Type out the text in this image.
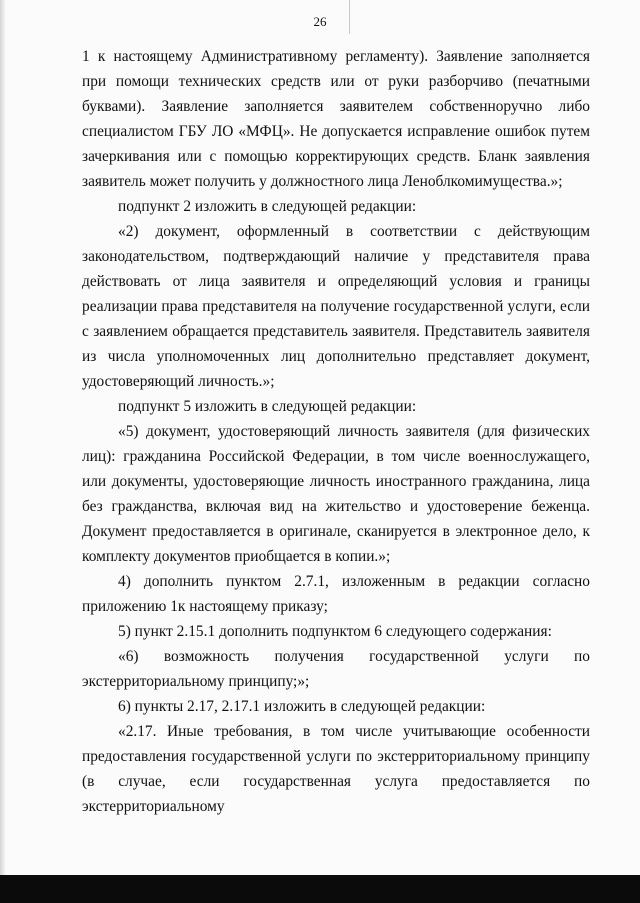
26

1 к настоящему Административному регламенту). Заявление заполняется при помощи технических средств или от руки разборчиво (печатными буквами). Заявление заполняется заявителем собственноручно либо специалистом ГБУ ЛО «МФЦ». Не допускается исправление ошибок путем зачеркивания или с помощью корректирующих средств. Бланк заявления заявитель может получить у должностного лица Леноблкомимущества.»;

подпункт 2 изложить в следующей редакции:

«2) документ, оформленный в соответствии с действующим законодательством, подтверждающий наличие у представителя права действовать от лица заявителя и определяющий условия и границы реализации права представителя на получение государственной услуги, если с заявлением обращается представитель заявителя. Представитель заявителя из числа уполномоченных лиц дополнительно представляет документ, удостоверяющий личность.»;

подпункт 5 изложить в следующей редакции:

«5) документ, удостоверяющий личность заявителя (для физических лиц): гражданина Российской Федерации, в том числе военнослужащего, или документы, удостоверяющие личность иностранного гражданина, лица без гражданства, включая вид на жительство и удостоверение беженца. Документ предоставляется в оригинале, сканируется в электронное дело, к комплекту документов приобщается в копии.»;

4) дополнить пунктом 2.7.1, изложенным в редакции согласно приложению 1к настоящему приказу;

5) пункт 2.15.1 дополнить подпунктом 6 следующего содержания:

«6) возможность получения государственной услуги по экстерриториальному принципу;»;

6) пункты 2.17, 2.17.1 изложить в следующей редакции:

«2.17. Иные требования, в том числе учитывающие особенности предоставления государственной услуги по экстерриториальному принципу (в случае, если государственная услуга предоставляется по экстерриториальному
